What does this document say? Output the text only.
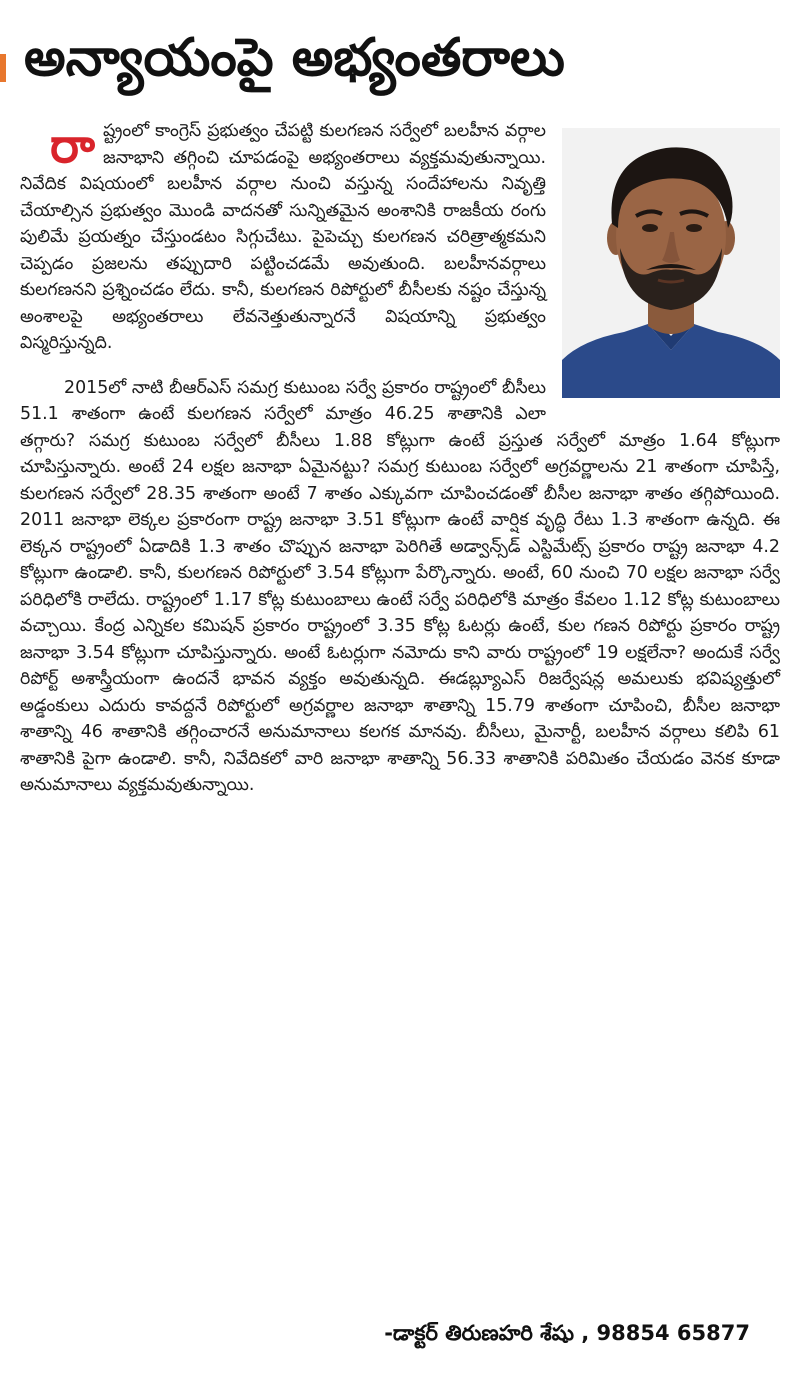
అన్యాయంపై అభ్యంతరాలు

రాష్ట్రంలో కాంగ్రెస్ ప్రభుత్వం చేపట్టి కులగణన సర్వేలో బలహీన వర్గాల జనాభాని తగ్గించి చూపడంపై అభ్యంతరాలు వ్యక్తమవుతున్నాయి. నివేదిక విషయంలో బలహీన వర్గాల నుంచి వస్తున్న సందేహాలను నివృత్తి చేయాల్సిన ప్రభుత్వం మొండి వాదనతో సున్నితమైన అంశానికి రాజకీయ రంగు పులిమే ప్రయత్నం చేస్తుండటం సిగ్గుచేటు. పైపెచ్చు కులగణన చరిత్రాత్మకమని చెప్పడం ప్రజలను తప్పుదారి పట్టించడమే అవుతుంది. బలహీనవర్గాలు కులగణనని ప్రశ్నించడం లేదు. కానీ, కులగణన రిపోర్టులో బీసీలకు నష్టం చేస్తున్న అంశాలపై అభ్యంతరాలు లేవనెత్తుతున్నారనే విషయాన్ని ప్రభుత్వం విస్మరిస్తున్నది.

2015లో నాటి బీఆర్ఎస్ సమగ్ర కుటుంబ సర్వే ప్రకారం రాష్ట్రంలో బీసీలు 51.1 శాతంగా ఉంటే కులగణన సర్వేలో మాత్రం 46.25 శాతానికి ఎలా తగ్గారు? సమగ్ర కుటుంబ సర్వేలో బీసీలు 1.88 కోట్లుగా ఉంటే ప్రస్తుత సర్వేలో మాత్రం 1.64 కోట్లుగా చూపిస్తున్నారు. అంటే 24 లక్షల జనాభా ఏమైనట్టు? సమగ్ర కుటుంబ సర్వేలో అగ్రవర్ణాలను 21 శాతంగా చూపిస్తే, కులగణన సర్వేలో 28.35 శాతంగా అంటే 7 శాతం ఎక్కువగా చూపించడంతో బీసీల జనాభా శాతం తగ్గిపోయింది. 2011 జనాభా లెక్కల ప్రకారంగా రాష్ట్ర జనాభా 3.51 కోట్లుగా ఉంటే వార్షిక వృద్ధి రేటు 1.3 శాతంగా ఉన్నది. ఈ లెక్కన రాష్ట్రంలో ఏడాదికి 1.3 శాతం చొప్పున జనాభా పెరిగితే అడ్వాన్స్‌డ్ ఎస్టిమేట్స్ ప్రకారం రాష్ట్ర జనాభా 4.2 కోట్లుగా ఉండాలి. కానీ, కులగణన రిపోర్టులో 3.54 కోట్లుగా పేర్కొన్నారు. అంటే, 60 నుంచి 70 లక్షల జనాభా సర్వే పరిధిలోకి రాలేదు. రాష్ట్రంలో 1.17 కోట్ల కుటుంబాలు ఉంటే సర్వే పరిధిలోకి మాత్రం కేవలం 1.12 కోట్ల కుటుంబాలు వచ్చాయి. కేంద్ర ఎన్నికల కమిషన్ ప్రకారం రాష్ట్రంలో 3.35 కోట్ల ఓటర్లు ఉంటే, కుల గణన రిపోర్టు ప్రకారం రాష్ట్ర జనాభా 3.54 కోట్లుగా చూపిస్తున్నారు. అంటే ఓటర్లుగా నమోదు కాని వారు రాష్ట్రంలో 19 లక్షలేనా? అందుకే సర్వే రిపోర్ట్ అశాస్త్రీయంగా ఉందనే భావన వ్యక్తం అవుతున్నది. ఈడబ్ల్యూఎస్ రిజర్వేషన్ల అమలుకు భవిష్యత్తులో అడ్డంకులు ఎదురు కావద్దనే రిపోర్టులో అగ్రవర్ణాల జనాభా శాతాన్ని 15.79 శాతంగా చూపించి, బీసీల జనాభా శాతాన్ని 46 శాతానికి తగ్గించారనే అనుమానాలు కలగక మానవు. బీసీలు, మైనార్టీ, బలహీన వర్గాలు కలిపి 61 శాతానికి పైగా ఉండాలి. కానీ, నివేదికలో వారి జనాభా శాతాన్ని 56.33 శాతానికి పరిమితం చేయడం వెనక కూడా అనుమానాలు వ్యక్తమవుతున్నాయి.

-డాక్టర్ తిరుణహరి శేషు , 98854 65877
